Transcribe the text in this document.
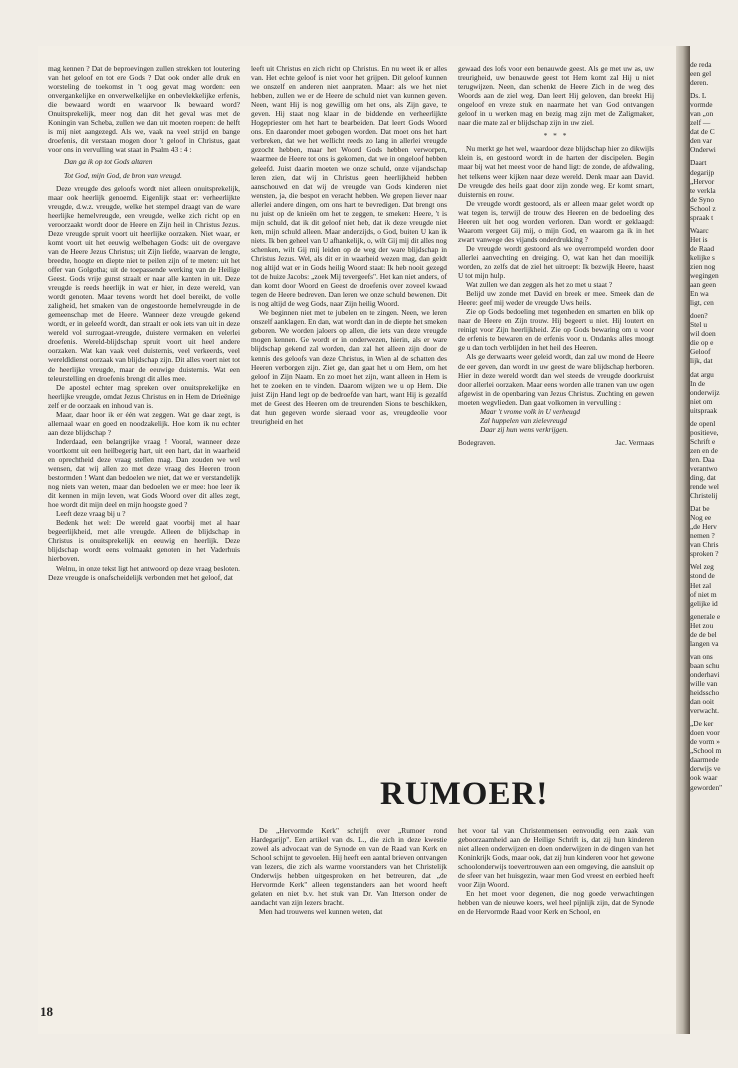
mag kennen ? Dat de beproevingen zullen strekken tot loutering van het geloof en tot ere Gods ? Dat ook onder alle druk en worsteling de toekomst in 't oog gevat mag worden: een onvergankelijke en onverwelkelijke en onbevlekkelijke erfenis, die bewaard wordt en waarvoor Ik bewaard word? Onuitsprekelijk, meer nog dan dit het geval was met de Koningin van Scheba, zullen we dan uit moeten roepen: de helft is mij niet aangezegd. Als we, vaak na veel strijd en bange droefenis, dit verstaan mogen door 't geloof in Christus, gaat voor ons in vervulling wat staat in Psalm 43 : 4 :

Dan ga ik op tot Gods altaren

Tot God, mijn God, de bron van vreugd.

Deze vreugde des geloofs wordt niet alleen onuitsprekelijk, maar ook heerlijk genoemd. Eigenlijk staat er: verheerlijkte vreugde, d.w.z. vreugde, welke het stempel draagt van de ware heerlijke hemelvreugde, een vreugde, welke zich richt op en veroorzaakt wordt door de Heere en Zijn heil in Christus Jezus. Deze vreugde spruit voort uit heerlijke oorzaken. Niet waar, er komt voort uit het eeuwig welbehagen Gods: uit de overgave van de Heere Jezus Christus; uit Zijn liefde, waarvan de lengte, breedte, hoogte en diepte niet te peilen zijn of te meten: uit het offer van Golgotha; uit de toepassende werking van de Heilige Geest. Gods vrije gunst straalt er naar alle kanten in uit. Deze vreugde is reeds heerlijk in wat er hier, in deze wereld, van wordt genoten. Maar tevens wordt het doel bereikt, de volle zaligheid, het smaken van de ongestoorde hemelvreugde in de gemeenschap met de Heere. Wanneer deze vreugde gekend wordt, er in geleefd wordt, dan straalt er ook iets van uit in deze wereld vol surrogaat-vreugde, duistere vermaken en velerlei droefenis. Wereld-blijdschap spruit voort uit heel andere oorzaken. Wat kan vaak veel duisternis, veel verkeerds, veel wereldldienst oorzaak van blijdschap zijn. Dit alles voert niet tot de heerlijke vreugde, maar de eeuwige duisternis. Wat een teleurstelling en droefenis brengt dit alles mee.

De apostel echter mag spreken over onuitsprekelijke en heerlijke vreugde, omdat Jezus Christus en in Hem de Drieënige zelf er de oorzaak en inhoud van is.

Maar, daar hoor ik er één wat zeggen. Wat ge daar zegt, is allemaal waar en goed en noodzakelijk. Hoe kom ik nu echter aan deze blijdschap ?

Inderdaad, een belangrijke vraag ! Vooral, wanneer deze voortkomt uit een heilbegerig hart, uit een hart, dat in waarheid en oprechtheid deze vraag stellen mag. Dan zouden we wel wensen, dat wij allen zo met deze vraag des Heeren troon bestormden ! Want dan bedoelen we niet, dat we er verstandelijk nog niets van weten, maar dan bedoelen we er mee: hoe leer ik dit kennen in mijn leven, wat Gods Woord over dit alles zegt, hoe wordt dit mijn deel en mijn hoogste goed ?

Leeft deze vraag bij u ?

Bedenk het wel: De wereld gaat voorbij met al haar begeerlijkheid, met alle vreugde. Alleen de blijdschap in Christus is onuitsprekelijk en eeuwig en heerlijk. Deze blijdschap wordt eens volmaakt genoten in het Vaderhuis hierboven.

Welnu, in onze tekst ligt het antwoord op deze vraag besloten. Deze vreugde is onafscheidelijk verbonden met het geloof, dat

leeft uit Christus en zich richt op Christus. En nu weet ik er alles van. Het echte geloof is niet voor het grijpen. Dit geloof kunnen we onszelf en anderen niet aanpraten. Maar: als we het niet hebben, zullen we er de Heere de schuld niet van kunnen geven. Neen, want Hij is nog gewillig om het ons, als Zijn gave, te geven. Hij staat nog klaar in de biddende en verheerlijkte Hogepriester om het hart te bearbeiden. Dat leert Gods Woord ons. En daaronder moet gebogen worden. Dat moet ons het hart verbreken, dat we het wellicht reeds zo lang in allerlei vreugde gezocht hebben, maar het Woord Gods hebben verworpen, waarmee de Heere tot ons is gekomen, dat we in ongeloof hebben geleefd. Juist daarin moeten we onze schuld, onze vijandschap leren zien, dat wij in Christus geen heerlijkheid hebben aanschouwd en dat wij de vreugde van Gods kinderen niet wensten, ja, die bespot en veracht hebben. We grepen liever naar allerlei andere dingen, om ons hart te bevredigen. Dat brengt ons nu juist op de knieën om het te zeggen, te smeken: Heere, 't is mijn schuld, dat ik dit geloof niet heb, dat ik deze vreugde niet ken, mijn schuld alleen. Maar anderzijds, o God, buiten U kan ik niets. Ik ben geheel van U afhankelijk, o, wilt Gij mij dit alles nog schenken, wilt Gij mij leiden op de weg der ware blijdschap in Christus Jezus. Wel, als dit er in waarheid wezen mag, dan geldt nog altijd wat er in Gods heilig Woord staat: Ik heb nooit gezegd tot de huize Jacobs: „zoek Mij tevergeefs". Het kan niet anders, of dan komt door Woord en Geest de droefenis over zoveel kwaad tegen de Heere bedreven. Dan leren we onze schuld bewenen. Dit is nog altijd de weg Gods, naar Zijn heilig Woord.

We beginnen niet met te jubelen en te zingen. Neen, we leren onszelf aanklagen. En dan, wat wordt dan in de diepte het smeken geboren. We worden jaloers op allen, die iets van deze vreugde mogen kennen. Ge wordt er in onderwezen, hierin, als er ware blijdschap gekend zal worden, dan zal het alleen zijn door de kennis des geloofs van deze Christus, in Wien al de schatten des Heeren verborgen zijn. Ziet ge, dan gaat het u om Hem, om het geloof in Zijn Naam. En zo moet het zijn, want alleen in Hem is het te zoeken en te vinden. Daarom wijzen we u op Hem. Die juist Zijn Hand legt op de bedroefde van hart, want Hij is gezalfd met de Geest des Heeren om de treurenden Sions te beschikken, dat hun gegeven worde sieraad voor as, vreugdeolie voor treurigheid en het

gewaad des lofs voor een benauwde geest. Als ge met uw as, uw treurigheid, uw benauwde geest tot Hem komt zal Hij u niet terugwijzen. Neen, dan schenkt de Heere Zich in de weg des Woords aan de ziel weg. Dan leert Hij geloven, dan breekt Hij ongeloof en vreze stuk en naarmate het van God ontvangen geloof in u werken mag en bezig mag zijn met de Zaligmaker, naar die mate zal er blijdschap zijn in uw ziel.

* * *

Nu merkt ge het wel, waardoor deze blijdschap hier zo dikwijls klein is, en gestoord wordt in de harten der discipelen. Begin maar bij wat het meest voor de hand ligt: de zonde, de afdwaling, het telkens weer kijken naar deze wereld. Denk maar aan David. De vreugde des heils gaat door zijn zonde weg. Er komt smart, duisternis en rouw.

De vreugde wordt gestoord, als er alleen maar gelet wordt op wat tegen is, terwijl de trouw des Heeren en de bedoeling des Heeren uit het oog worden verloren. Dan wordt er geklaagd: Waarom vergeet Gij mij, o mijn God, en waarom ga ik in het zwart vanwege des vijands onderdrukking ?

De vreugde wordt gestoord als we overrompeld worden door allerlei aanvechting en dreiging. O, wat kan het dan moeilijk worden, zo zelfs dat de ziel het uitroept: Ik bezwijk Heere, haast U tot mijn hulp.

Wat zullen we dan zeggen als het zo met u staat ?

Belijd uw zonde met David en breek er mee. Smeek dan de Heere: geef mij weder de vreugde Uws heils.

Zie op Gods bedoeling met tegenheden en smarten en blik op naar de Heere en Zijn trouw. Hij begeert u niet. Hij loutert en reinigt voor Zijn heerlijkheid. Zie op Gods bewaring om u voor de erfenis te bewaren en de erfenis voor u. Ondanks alles moogt ge u dan toch verblijden in het heil des Heeren.

Als ge derwaarts weer geleid wordt, dan zal uw mond de Heere de eer geven, dan wordt in uw geest de ware blijdschap herboren. Hier in deze wereld wordt dan wel steeds de vreugde doorkruist door allerlei oorzaken. Maar eens worden alle tranen van uw ogen afgewist in de openbaring van Jezus Christus. Zuchting en gewen moeten wegvlieden. Dan gaat volkomen in vervulling :

Maar 't vrome volk in U verheugd

Zal huppelen van zielevreugd

Daar zij hun wens verkrijgen.

Bodegraven.	Jac. Vermaas
RUMOER!

De „Hervormde Kerk" schrijft over „Rumoer rond Hardegarijp". Een artikel van ds. L., die zich in deze kwestie zowel als advocaat van de Synode en van de Raad van Kerk en School schijnt te gevoelen. Hij heeft een aantal brieven ontvangen van lezers, die zich als warme voorstanders van het Christelijk Onderwijs hebben uitgesproken en het betreuren, dat „de Hervormde Kerk" alleen tegenstanders aan het woord heeft gelaten en niet b.v. het stuk van Dr. Van Itterson onder de aandacht van zijn lezers bracht.

Men had trouwens wel kunnen weten, dat

het voor tal van Christenmensen eenvoudig een zaak van geboorzaamheid aan de Heilige Schrift is, dat zij hun kinderen niet alleen onderwijzen en doen onderwijzen in de dingen van het Koninkrijk Gods, maar ook, dat zij hun kinderen voor het gewone schoolonderwijs toevertrouwen aan een omgeving, die aansluit op de sfeer van het huisgezin, waar men God vreest en eerbied heeft voor Zijn Woord.

En het moet voor degenen, die nog goede verwachtingen hebben van de nieuwe koers, wel heel pijnlijk zijn, dat de Synode en de Hervormde Raad voor Kerk en School, en

18
de reda
een gel
deren.
Ds. L
vormde
van „on
zelf —
dat de C
den var
Onderwi
Daart
degarijp
„Hervor
te verkla
de Syno
School z
spraak t
Waarc
Het is
de Raad
kelijke s
zien nog
wegingen
aan geen
En wa
ligt, cen
doen?
Stel u
wil doen
die op e
Geloof
lijk, dat
dat argu
In de
onderwijz
niet om
uitspraak
de openl
positieve,
Schrift e
zen en de
ten. Daa
verantwo
ding, dat
rende wel
Christelij
Dat be
Nog ee
„de Herv
nemen ?
van Chris
sproken ?
Wel zeg
stond de
Het zal
of niet m
gelijke id
generale e
Het zou
de de bel
langen va
van ons
baan schu
onderhavi
wille van
heidsscho
dan ooit
verwacht.
„De ker
doen voor
de vorm »
„School m
daarmede
derwijs ve
ook waar
geworden"
